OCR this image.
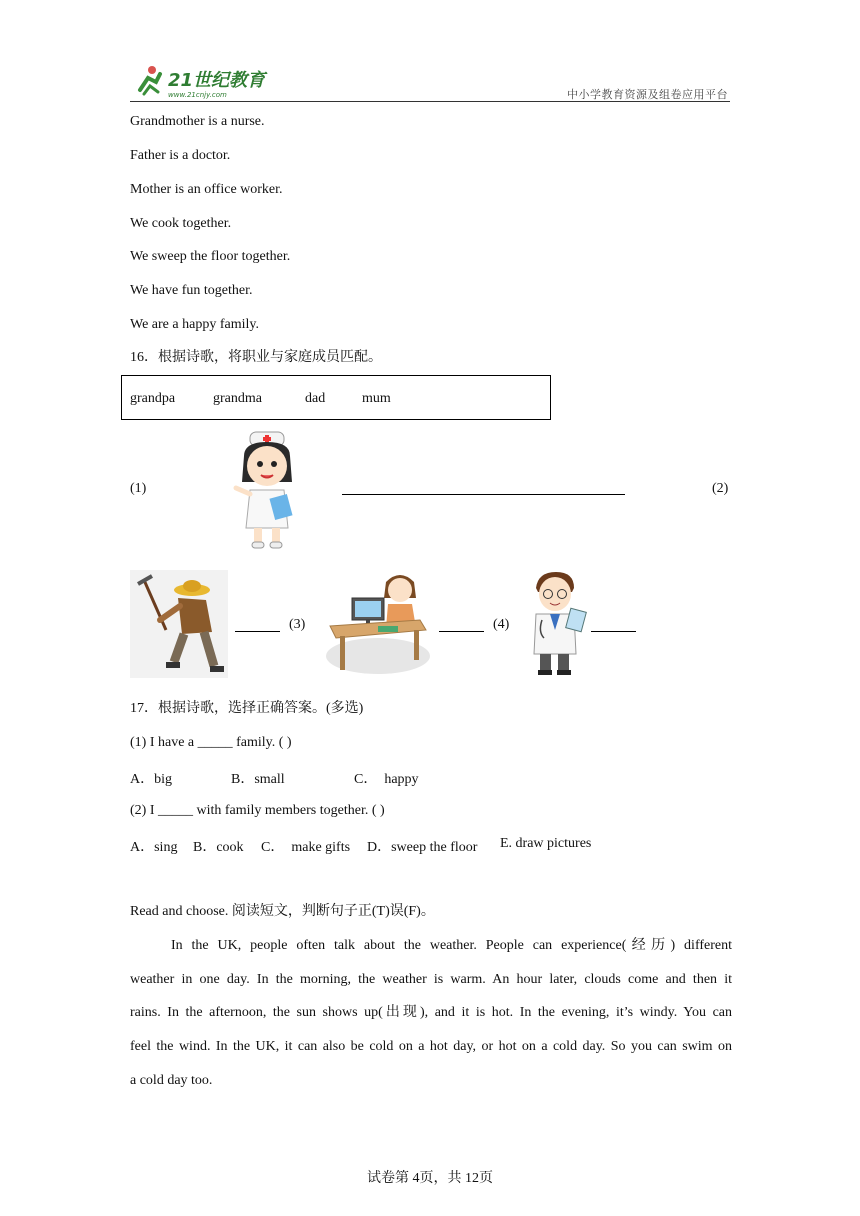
21世纪教育
www.21cnjy.com	中小学教育资源及组卷应用平台
Grandmother is a nurse.
Father is a doctor.
Mother is an office worker.
We cook together.
We sweep the floor together.
We have fun together.
We are a happy family.
16．根据诗歌，将职业与家庭成员匹配。
grandpa	grandma	dad	mum
(1)	(2)
(3)	(4)
17．根据诗歌，选择正确答案。(多选)
(1) I have a _____ family. ( )
A．big	B．small	C．  happy
(2) I _____ with family members together. ( )
A．sing B．cook C．  make gifts D．sweep the floor E. draw pictures
Read and choose. 阅读短文，判断句子正(T)误(F)。
In the UK, people often talk about the weather. People can experience(经历) different
weather in one day. In the morning, the weather is warm. An hour later, clouds come and then it
rains. In the afternoon, the sun shows up(出现), and it is hot. In the evening, it’s windy. You can
feel the wind. In the UK, it can also be cold on a hot day, or hot on a cold day. So you can swim on
a cold day too.
试卷第 4页，共 12页
